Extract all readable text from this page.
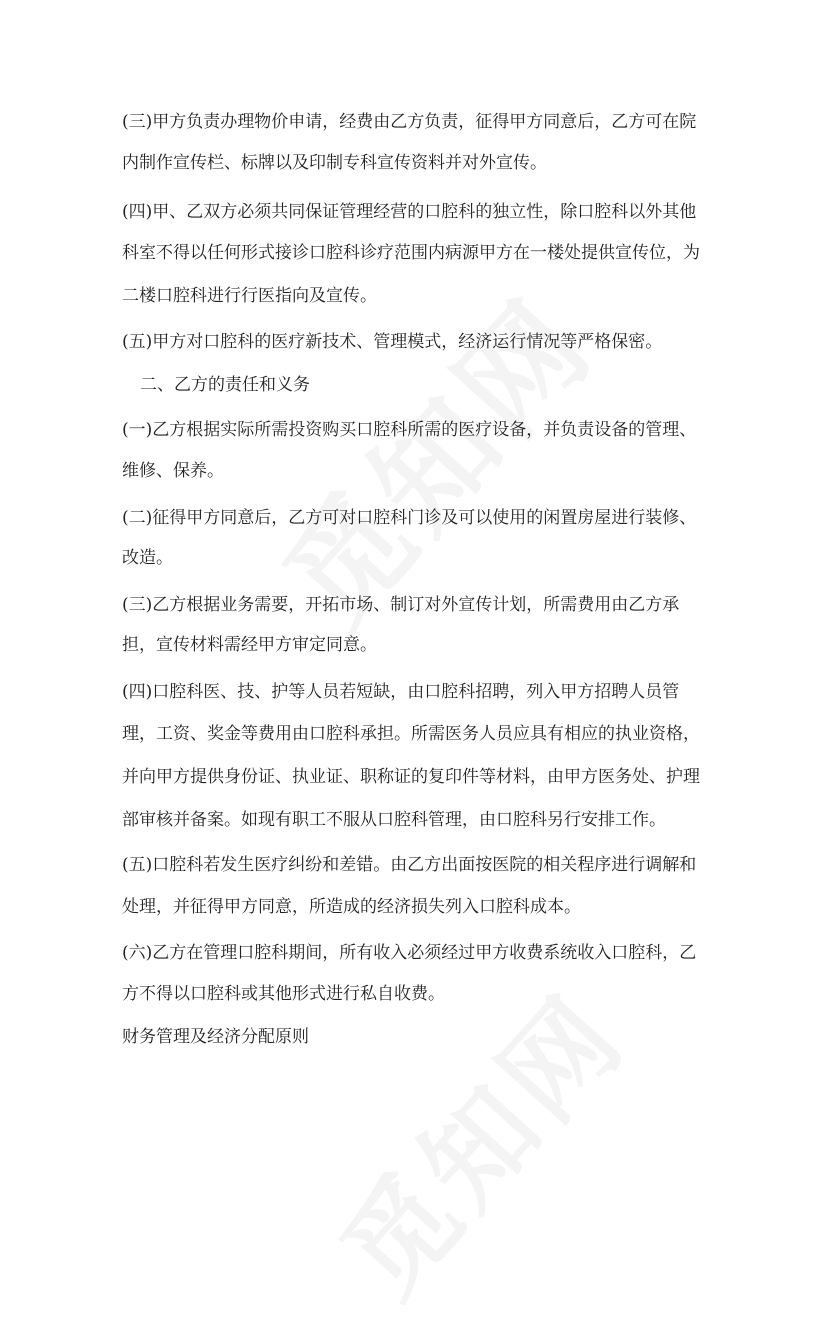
(三)甲方负责办理物价申请，经费由乙方负责，征得甲方同意后，乙方可在院
内制作宣传栏、标牌以及印制专科宣传资料并对外宣传。
(四)甲、乙双方必须共同保证管理经营的口腔科的独立性，除口腔科以外其他
科室不得以任何形式接诊口腔科诊疗范围内病源甲方在一楼处提供宣传位，为
二楼口腔科进行行医指向及宣传。
(五)甲方对口腔科的医疗新技术、管理模式，经济运行情况等严格保密。
二、乙方的责任和义务
(一)乙方根据实际所需投资购买口腔科所需的医疗设备，并负责设备的管理、
维修、保养。
(二)征得甲方同意后，乙方可对口腔科门诊及可以使用的闲置房屋进行装修、
改造。
(三)乙方根据业务需要，开拓市场、制订对外宣传计划，所需费用由乙方承
担，宣传材料需经甲方审定同意。
(四)口腔科医、技、护等人员若短缺，由口腔科招聘，列入甲方招聘人员管
理，工资、奖金等费用由口腔科承担。所需医务人员应具有相应的执业资格，
并向甲方提供身份证、执业证、职称证的复印件等材料，由甲方医务处、护理
部审核并备案。如现有职工不服从口腔科管理，由口腔科另行安排工作。
(五)口腔科若发生医疗纠纷和差错。由乙方出面按医院的相关程序进行调解和
处理，并征得甲方同意，所造成的经济损失列入口腔科成本。
(六)乙方在管理口腔科期间，所有收入必须经过甲方收费系统收入口腔科，乙
方不得以口腔科或其他形式进行私自收费。
财务管理及经济分配原则
